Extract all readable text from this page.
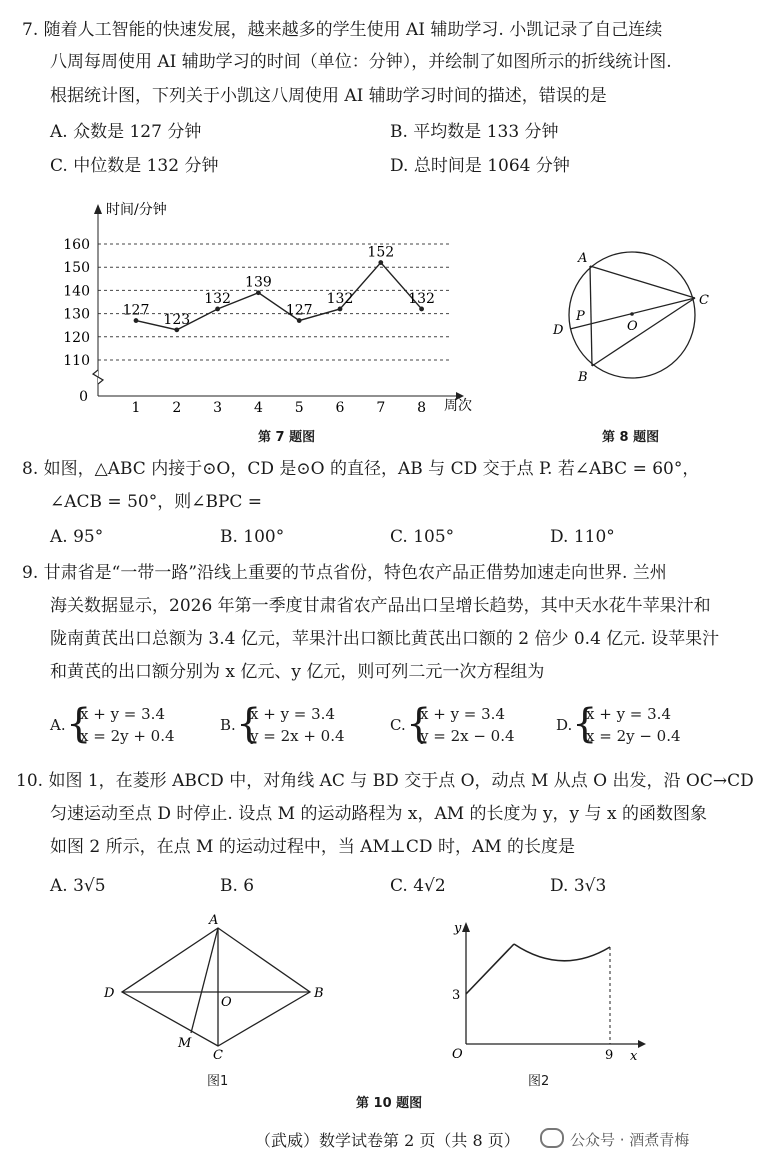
7. 随着人工智能的快速发展，越来越多的学生使用 AI 辅助学习. 小凯记录了自己连续
八周每周使用 AI 辅助学习的时间（单位：分钟），并绘制了如图所示的折线统计图.
根据统计图，下列关于小凯这八周使用 AI 辅助学习时间的描述，错误的是
A. 众数是 127 分钟	B. 平均数是 133 分钟
C. 中位数是 132 分钟	D. 总时间是 1064 分钟
110
120
130
140
150
160
时间/分钟
周次
0
1 2 3 4 5 6 7 8
127
123
132
139
127
132
152
132
第 7 题图
A
B
C
D
P
O
第 8 题图
8. 如图，△ABC 内接于⊙O，CD 是⊙O 的直径，AB 与 CD 交于点 P. 若∠ABC = 60°，
∠ACB = 50°，则∠BPC =
A. 95°	B. 100°	C. 105°	D. 110°
9. 甘肃省是“一带一路”沿线上重要的节点省份，特色农产品正借势加速走向世界. 兰州
海关数据显示，2026 年第一季度甘肃省农产品出口呈增长趋势，其中天水花牛苹果汁和
陇南黄芪出口总额为 3.4 亿元，苹果汁出口额比黄芪出口额的 2 倍少 0.4 亿元. 设苹果汁
和黄芪的出口额分别为 x 亿元、y 亿元，则可列二元一次方程组为
A. {
x + y = 3.4
x = 2y + 0.4
B. {
x + y = 3.4
y = 2x + 0.4
C. {
x + y = 3.4
y = 2x − 0.4
D. {
x + y = 3.4
x = 2y − 0.4
10. 如图 1，在菱形 ABCD 中，对角线 AC 与 BD 交于点 O，动点 M 从点 O 出发，沿 OC→CD
匀速运动至点 D 时停止. 设点 M 的运动路程为 x，AM 的长度为 y，y 与 x 的函数图象
如图 2 所示，在点 M 的运动过程中，当 AM⊥CD 时，AM 的长度是
A. 3√5	B. 6	C. 4√2	D. 3√3
A
B
C
D
O
M
图1
y
x
O
3
9
图2
第 10 题图
（武威）数学试卷第 2 页（共 8 页）	公众号 · 酒煮青梅
